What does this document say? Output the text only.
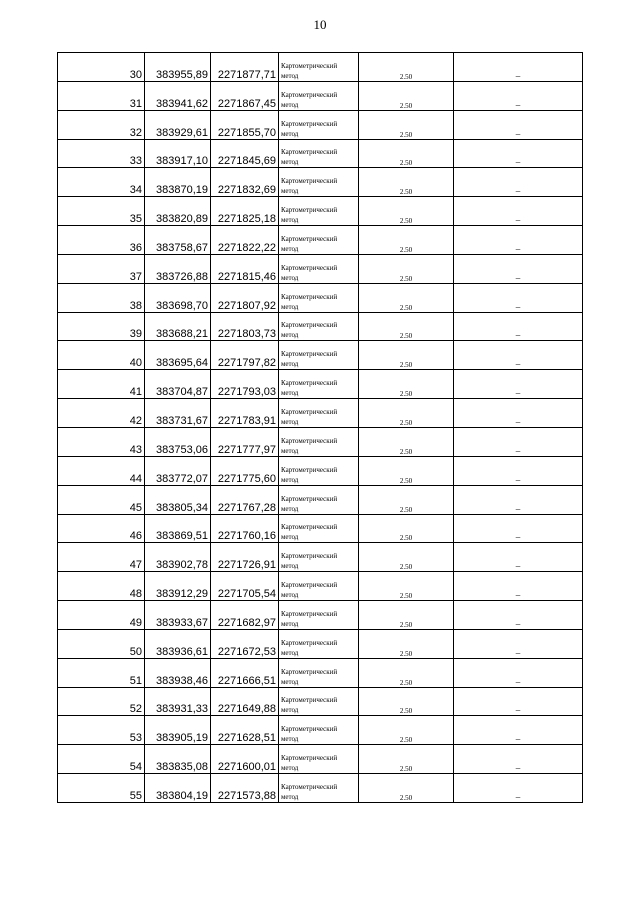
10
30	383955,89	2271877,71	Картометрический метод	2.50	–
31	383941,62	2271867,45	Картометрический метод	2.50	–
32	383929,61	2271855,70	Картометрический метод	2.50	–
33	383917,10	2271845,69	Картометрический метод	2.50	–
34	383870,19	2271832,69	Картометрический метод	2.50	–
35	383820,89	2271825,18	Картометрический метод	2.50	–
36	383758,67	2271822,22	Картометрический метод	2.50	–
37	383726,88	2271815,46	Картометрический метод	2.50	–
38	383698,70	2271807,92	Картометрический метод	2.50	–
39	383688,21	2271803,73	Картометрический метод	2.50	–
40	383695,64	2271797,82	Картометрический метод	2.50	–
41	383704,87	2271793,03	Картометрический метод	2.50	–
42	383731,67	2271783,91	Картометрический метод	2.50	–
43	383753,06	2271777,97	Картометрический метод	2.50	–
44	383772,07	2271775,60	Картометрический метод	2.50	–
45	383805,34	2271767,28	Картометрический метод	2.50	–
46	383869,51	2271760,16	Картометрический метод	2.50	–
47	383902,78	2271726,91	Картометрический метод	2.50	–
48	383912,29	2271705,54	Картометрический метод	2.50	–
49	383933,67	2271682,97	Картометрический метод	2.50	–
50	383936,61	2271672,53	Картометрический метод	2.50	–
51	383938,46	2271666,51	Картометрический метод	2.50	–
52	383931,33	2271649,88	Картометрический метод	2.50	–
53	383905,19	2271628,51	Картометрический метод	2.50	–
54	383835,08	2271600,01	Картометрический метод	2.50	–
55	383804,19	2271573,88	Картометрический метод	2.50	–
